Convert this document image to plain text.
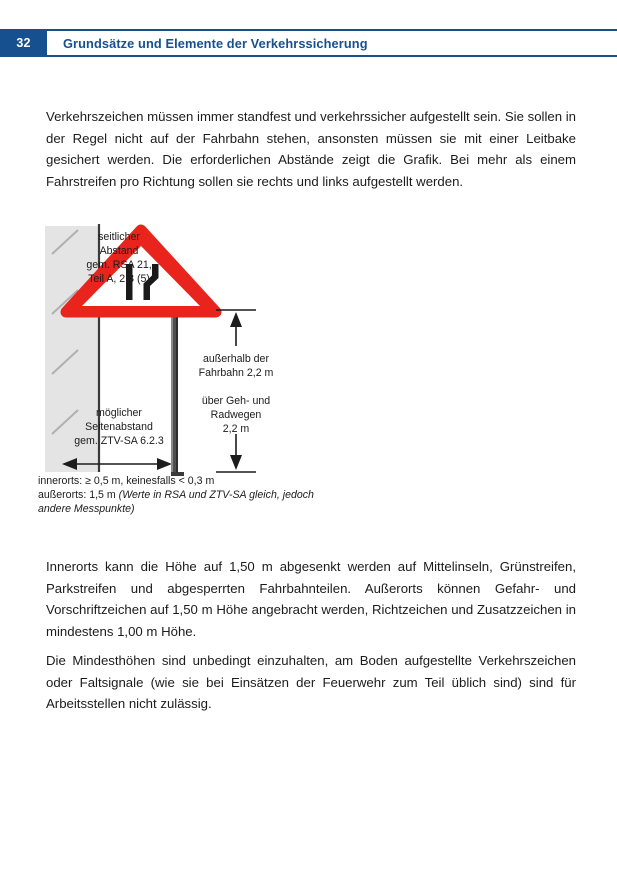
32	Grundsätze und Elemente der Verkehrssicherung

Verkehrszeichen müssen immer standfest und verkehrssicher aufgestellt sein. Sie sollen in der Regel nicht auf der Fahrbahn stehen, ansonsten müssen sie mit einer Leitbake gesichert werden. Die erforderlichen Abstände zeigt die Grafik. Bei mehr als einem Fahrstreifen pro Richtung sollen sie rechts und links aufgestellt werden.

seitlicher
Abstand
gem. RSA 21,
Teil A, 2.3 (5)
möglicher
Seitenabstand
gem. ZTV-SA 6.2.3
außerhalb der
Fahrbahn 2,2 m
über Geh- und
Radwegen
2,2 m
innerorts: ≥ 0,5 m, keinesfalls < 0,3 m
außerorts: 1,5 m (Werte in RSA und ZTV-SA gleich, jedoch
andere Messpunkte)

Innerorts kann die Höhe auf 1,50 m abgesenkt werden auf Mittelinseln, Grünstreifen, Parkstreifen und abgesperrten Fahrbahnteilen. Außerorts können Gefahr- und Vorschriftzeichen auf 1,50 m Höhe angebracht werden, Richtzeichen und Zusatzzeichen in mindestens 1,00 m Höhe.

Die Mindesthöhen sind unbedingt einzuhalten, am Boden aufgestellte Verkehrszeichen oder Faltsignale (wie sie bei Einsätzen der Feuerwehr zum Teil üblich sind) sind für Arbeitsstellen nicht zulässig.
